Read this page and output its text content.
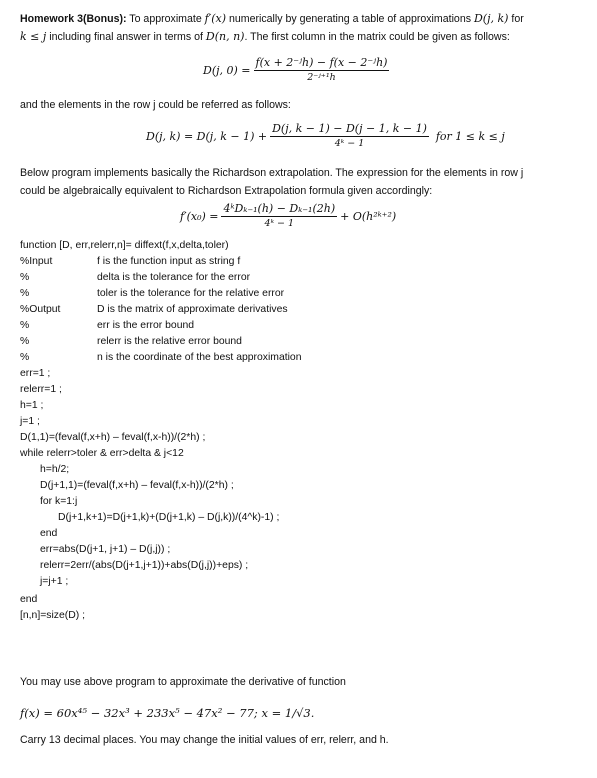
Homework 3(Bonus): To approximate f′(x) numerically by generating a table of approximations D(j, k) for
k ≤ j including final answer in terms of D(n, n). The first column in the matrix could be given as follows:
D(j, $0) = \frac{\text{f(x + 2⁻ʲh) − f(x − 2⁻ʲh)}}{\text{2⁻ʲ⁺¹h}}$
and the elements in the row j could be referred as follows:
D(j, k) = D(j, $k - 1) + \frac{D(j, k - 1) - D(j - 1, k - 1)}{\text{4ᵏ − 1}}$ for 1 ≤ k ≤ j
Below program implements basically the Richardson extrapolation. The expression for the elements in row j
could be algebraically equivalent to Richardson Extrapolation formula given accordingly:
$f'(x_0) = \frac{\text{4ᵏDₖ₋₁(h) − Dₖ₋₁(2h)}}{\text{4ᵏ − 1}}$ + O(h²ᵏ⁺²)
function [D, err,relerr,n]= diffext(f,x,delta,toler)
%Input	f is the function input as string f
%	delta is the tolerance for the error
%	toler is the tolerance for the relative error
%Output	D is the matrix of approximate derivatives
%	err is the error bound
%	relerr is the relative error bound
%	n is the coordinate of the best approximation
err=1 ;
relerr=1 ;
h=1 ;
j=1 ;
D(1,1)=(feval(f,x+h) – feval(f,x-h))/(2*h) ;
while relerr>toler & err>delta & j<12
h=h/2;
D(j+1,1)=(feval(f,x+h) – feval(f,x-h))/(2*h) ;
for k=1:j
D(j+1,k+1)=D(j+1,k)+(D(j+1,k) – D(j,k))/(4^k)-1) ;
end
err=abs(D(j+1, j+1) – D(j,j)) ;
relerr=2err/(abs(D(j+1,j+1))+abs(D(j,j))+eps) ;
j=j+1 ;
end
[n,n]=size(D) ;
You may use above program to approximate the derivative of function
f(x) = 60x⁴⁵ − 32x³ + 233x⁵ − 47x² − 77; x = 1/√3.
Carry 13 decimal places. You may change the initial values of err, relerr, and h.
